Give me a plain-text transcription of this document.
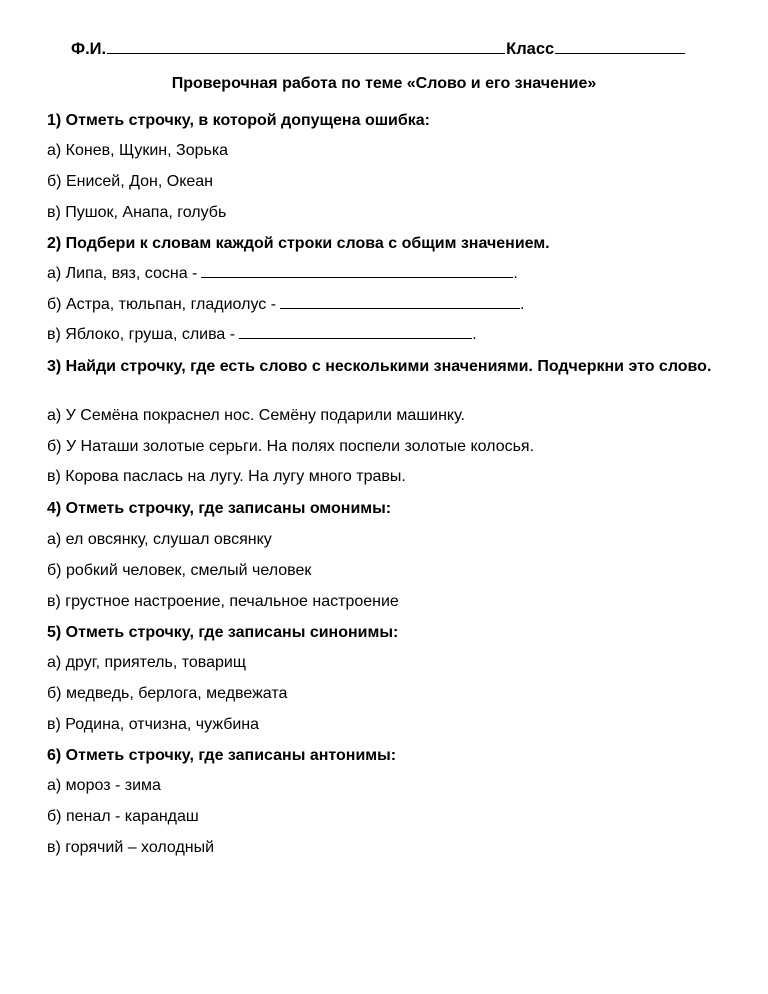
Ф.И.	Класс
Проверочная работа по теме «Слово и его значение»
1) Отметь строчку, в которой допущена ошибка:
а) Конев, Щукин, Зорька
б) Енисей, Дон, Океан
в) Пушок, Анапа, голубь
2) Подбери к словам каждой строки слова с общим значением.
а) Липа, вяз, сосна -	.
б) Астра, тюльпан, гладиолус -	.
в) Яблоко, груша, слива -	.
3) Найди строчку, где есть слово с несколькими значениями. Подчеркни это слово.
а) У Семёна покраснел нос. Семёну подарили машинку.
б) У Наташи золотые серьги. На полях поспели золотые колосья.
в) Корова паслась на лугу. На лугу много травы.
4) Отметь строчку, где записаны омонимы:
а) ел овсянку, слушал овсянку
б) робкий человек, смелый человек
в) грустное настроение, печальное настроение
5) Отметь строчку, где записаны синонимы:
а) друг, приятель, товарищ
б) медведь, берлога, медвежата
в) Родина, отчизна, чужбина
6) Отметь строчку, где записаны антонимы:
а) мороз - зима
б) пенал - карандаш
в) горячий – холодный
